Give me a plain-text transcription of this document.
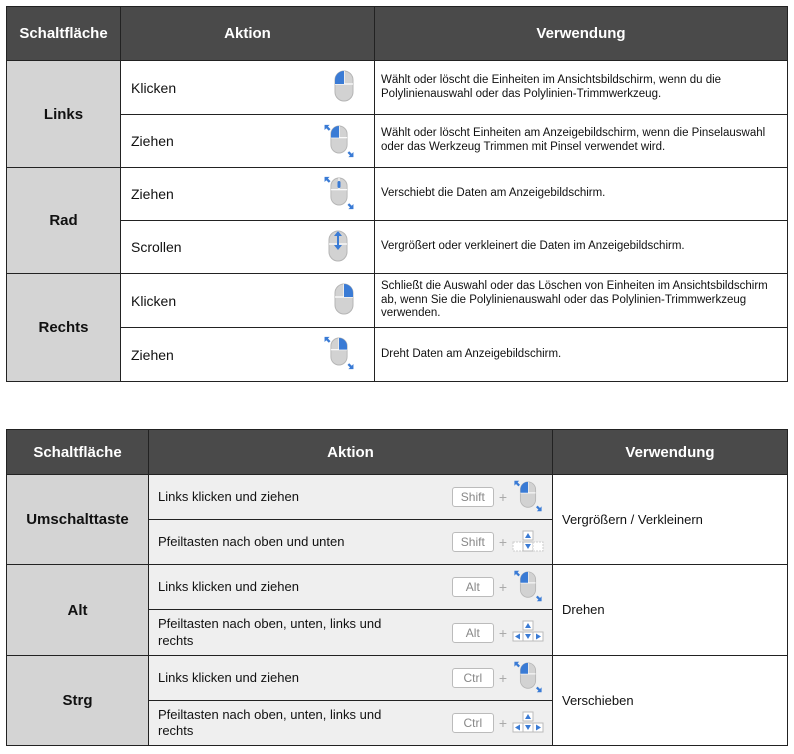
Schaltfläche	Aktion	Verwendung
Links	Klicken	Wählt oder löscht die Einheiten im Ansichtsbildschirm, wenn du die Polylinienauswahl oder das Polylinien-Trimmwerkzeug.

	Ziehen	Wählt oder löscht Einheiten am Anzeigebildschirm, wenn die Pinselauswahl oder das Werkzeug Trimmen mit Pinsel verwendet wird.
Rad	Ziehen	Verschiebt die Daten am Anzeigebildschirm.

	Scrollen	Vergrößert oder verkleinert die Daten im Anzeigebildschirm.
Rechts	Klicken	Schließt die Auswahl oder das Löschen von Einheiten im Ansichtsbildschirm ab, wenn Sie die Polylinienauswahl oder das Polylinien-Trimmwerkzeug verwenden.

	Ziehen	Dreht Daten am Anzeigebildschirm.
Schaltfläche	Aktion	Verwendung
Umschalttaste	Links klicken und ziehen Shift +	Vergrößern / Verkleinern

	Pfeiltasten nach oben und unten Shift +	

Alt	Links klicken und ziehen Alt +	Drehen

	Pfeiltasten nach oben, unten, links und rechts Alt +	

Strg	Links klicken und ziehen Ctrl +	Verschieben

	Pfeiltasten nach oben, unten, links und rechts Ctrl +	
